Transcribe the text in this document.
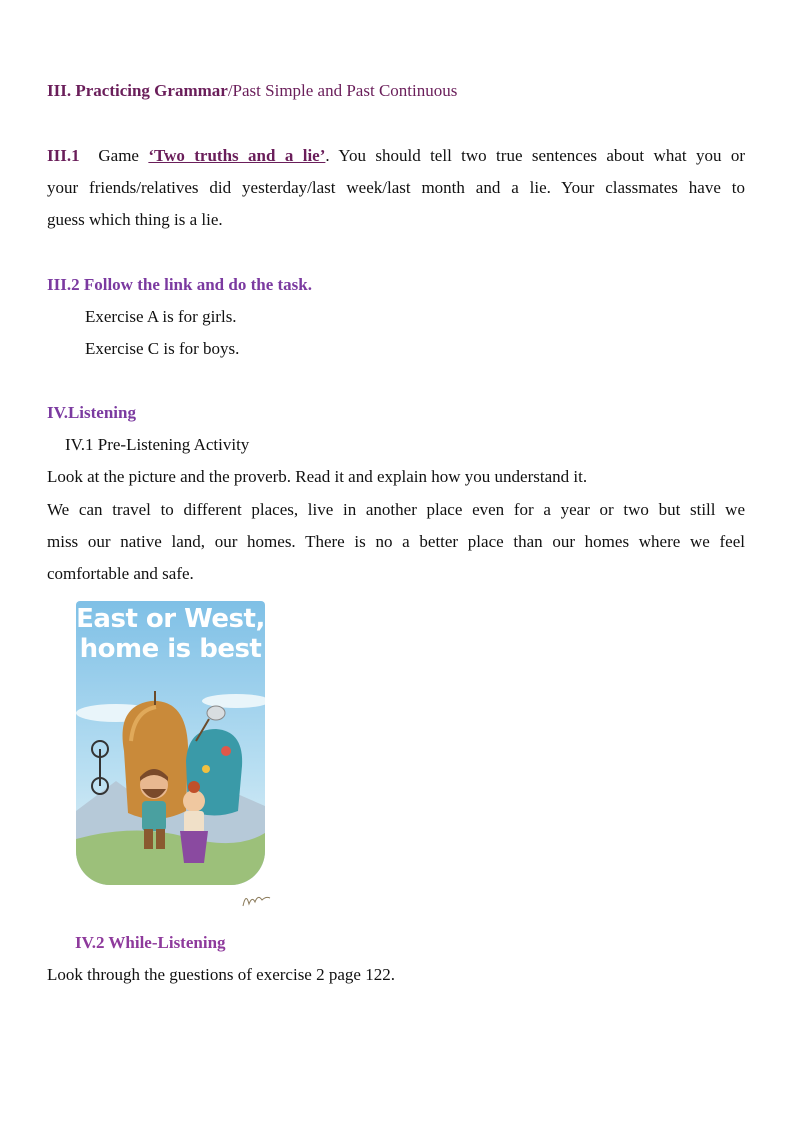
III. Practicing Grammar/Past Simple and Past Continuous
III.1 Game ‘Two truths and a lie’. You should tell two true sentences about what you or
your friends/relatives did yesterday/last week/last month and a lie. Your classmates have to
guess which thing is a lie.
III.2 Follow the link and do the task.
Exercise A is for girls.
Exercise C is for boys.
IV.Listening
IV.1 Pre-Listening Activity
Look at the picture and the proverb. Read it and explain how you understand it.
We can travel to different places, live in another place even for a year or two but still we
miss our native land, our homes. There is no a better place than our homes where we feel
comfortable and safe.
East or West,
home is best
IV.2 While-Listening
Look through the guestions of exercise 2 page 122.
